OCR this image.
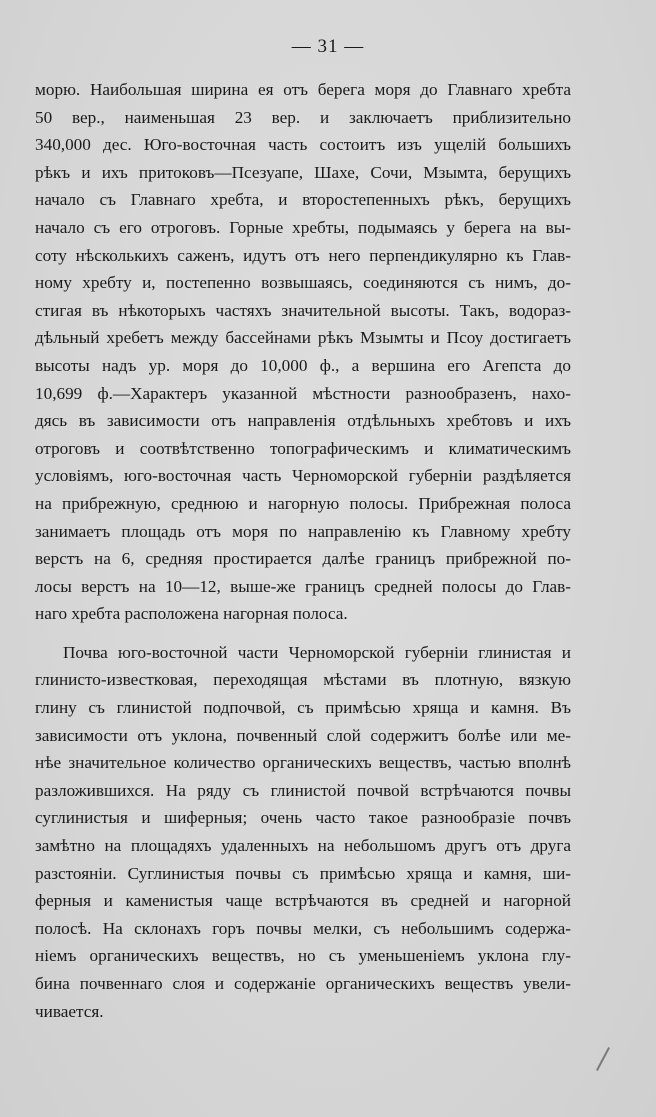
— 31 —
морю. Наибольшая ширина ея отъ берега моря до Главнаго хребта
50 вер., наименьшая 23 вер. и заключаетъ приблизительно
340,000 дес. Юго-восточная часть состоитъ изъ ущелій большихъ
рѣкъ и ихъ притоковъ—Псезуапе, Шахе, Сочи, Мзымта, берущихъ
начало съ Главнаго хребта, и второстепенныхъ рѣкъ, берущихъ
начало съ его отроговъ. Горные хребты, подымаясь у берега на вы-
соту нѣсколькихъ саженъ, идутъ отъ него перпендикулярно къ Глав-
ному хребту и, постепенно возвышаясь, соединяются съ нимъ, до-
стигая въ нѣкоторыхъ частяхъ значительной высоты. Такъ, водораз-
дѣльный хребетъ между бассейнами рѣкъ Мзымты и Псоу достигаетъ
высоты надъ ур. моря до 10,000 ф., а вершина его Агепста до
10,699 ф.—Характеръ указанной мѣстности разнообразенъ, нахо-
дясь въ зависимости отъ направленія отдѣльныхъ хребтовъ и ихъ
отроговъ и соотвѣтственно топографическимъ и климатическимъ
условіямъ, юго-восточная часть Черноморской губерніи раздѣляется
на прибрежную, среднюю и нагорную полосы. Прибрежная полоса
занимаетъ площадь отъ моря по направленію къ Главному хребту
верстъ на 6, средняя простирается далѣе границъ прибрежной по-
лосы верстъ на 10—12, выше-же границъ средней полосы до Глав-
наго хребта расположена нагорная полоса.
Почва юго-восточной части Черноморской губерніи глинистая и
глинисто-известковая, переходящая мѣстами въ плотную, вязкую
глину съ глинистой подпочвой, съ примѣсью хряща и камня. Въ
зависимости отъ уклона, почвенный слой содержитъ болѣе или ме-
нѣе значительное количество органическихъ веществъ, частью вполнѣ
разложившихся. На ряду съ глинистой почвой встрѣчаются почвы
суглинистыя и шиферныя; очень часто такое разнообразіе почвъ
замѣтно на площадяхъ удаленныхъ на небольшомъ другъ отъ друга
разстояніи. Суглинистыя почвы съ примѣсью хряща и камня, ши-
ферныя и каменистыя чаще встрѣчаются въ средней и нагорной
полосѣ. На склонахъ горъ почвы мелки, съ небольшимъ содержа-
ніемъ органическихъ веществъ, но съ уменьшеніемъ уклона глу-
бина почвеннаго слоя и содержаніе органическихъ веществъ увели-
чивается.
